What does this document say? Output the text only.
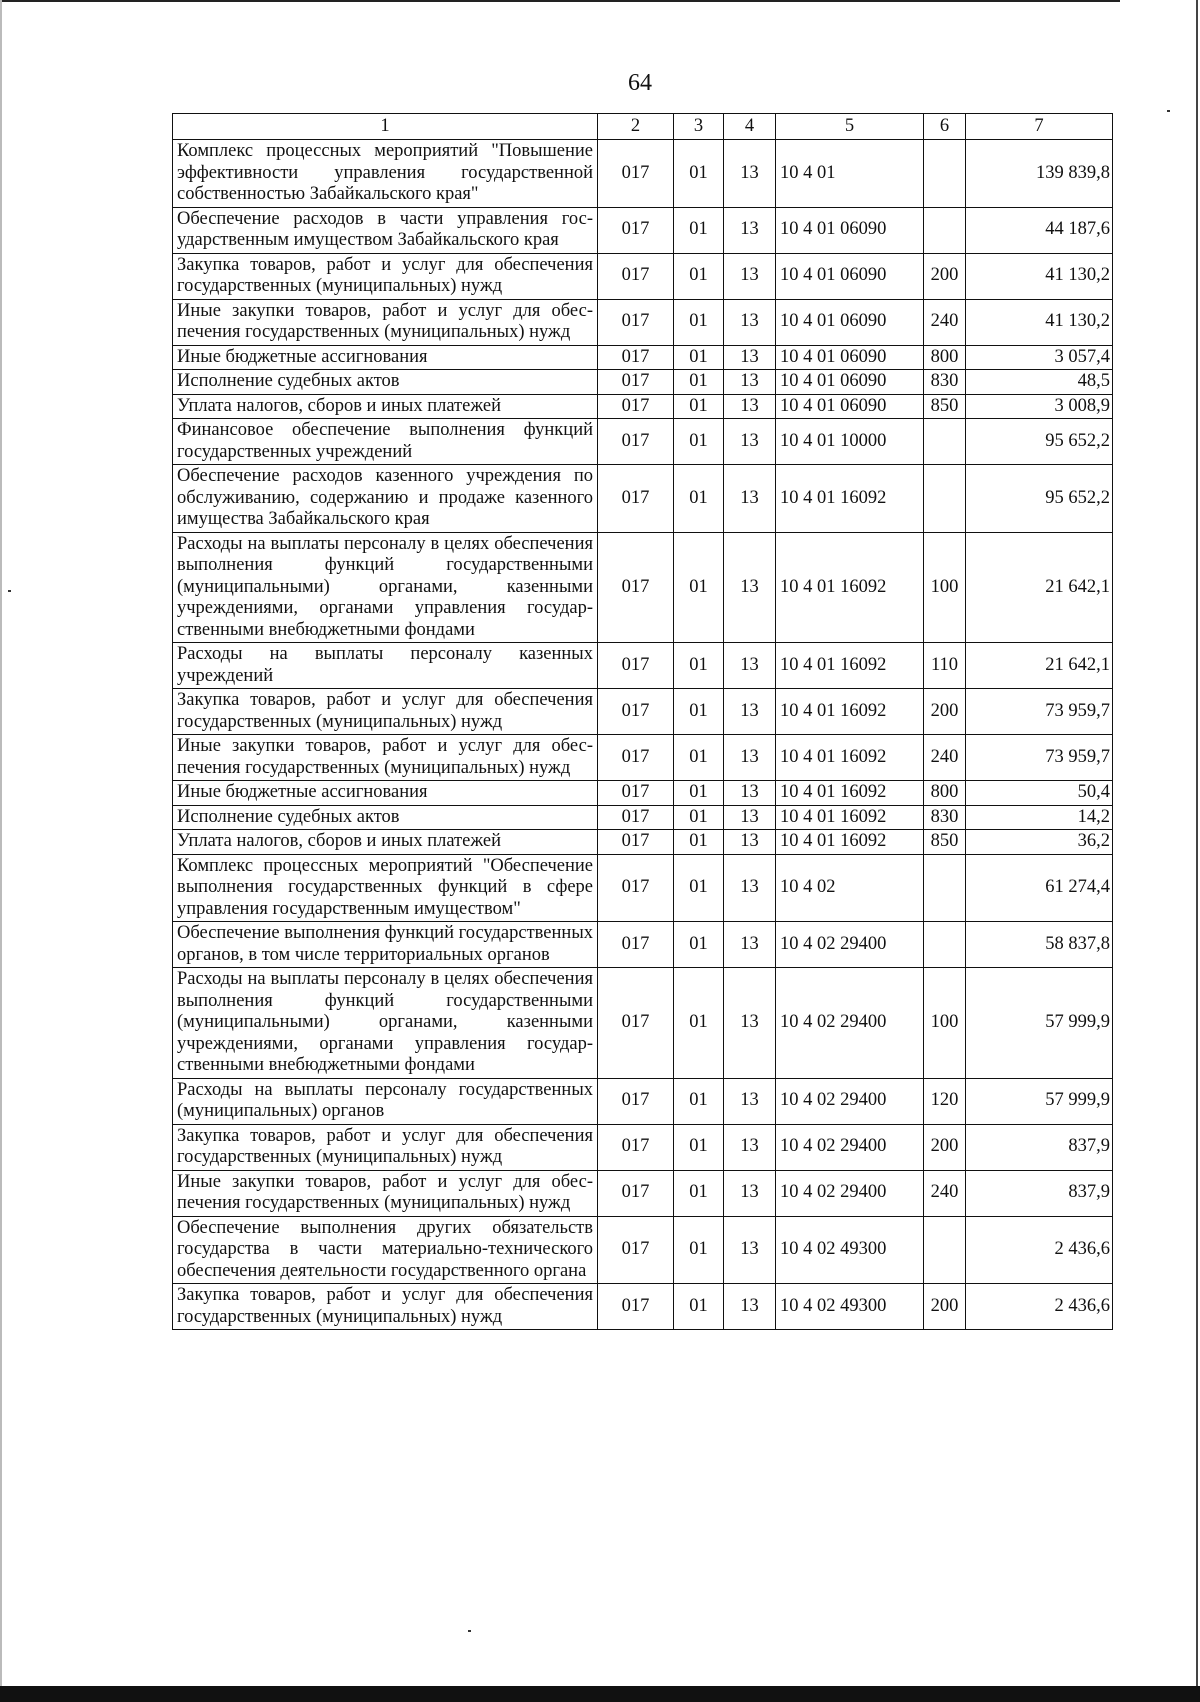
64
1	2	3	4	5	6	7
Комплекс процессных мероприятий "Повышение эффективности управления государственной собственностью Забайкальского края"	017	01	13	10 4 01		139 839,8
Обеспечение расходов в части управления государственным имуществом Забайкальского края	017	01	13	10 4 01 06090		44 187,6
Закупка товаров, работ и услуг для обеспечения государственных (муниципальных) нужд	017	01	13	10 4 01 06090	200	41 130,2
Иные закупки товаров, работ и услуг для обеспечения государственных (муниципальных) нужд	017	01	13	10 4 01 06090	240	41 130,2
Иные бюджетные ассигнования	017	01	13	10 4 01 06090	800	3 057,4
Исполнение судебных актов	017	01	13	10 4 01 06090	830	48,5
Уплата налогов, сборов и иных платежей	017	01	13	10 4 01 06090	850	3 008,9
Финансовое обеспечение выполнения функций государственных учреждений	017	01	13	10 4 01 10000		95 652,2
Обеспечение расходов казенного учреждения по обслуживанию, содержанию и продаже казенного имущества Забайкальского края	017	01	13	10 4 01 16092		95 652,2
Расходы на выплаты персоналу в целях обеспечения выполнения функций государственными (муниципальными) органами, казенными учреждениями, органами управления государственными внебюджетными фондами	017	01	13	10 4 01 16092	100	21 642,1
Расходы на выплаты персоналу казенных учреждений	017	01	13	10 4 01 16092	110	21 642,1
Закупка товаров, работ и услуг для обеспечения государственных (муниципальных) нужд	017	01	13	10 4 01 16092	200	73 959,7
Иные закупки товаров, работ и услуг для обеспечения государственных (муниципальных) нужд	017	01	13	10 4 01 16092	240	73 959,7
Иные бюджетные ассигнования	017	01	13	10 4 01 16092	800	50,4
Исполнение судебных актов	017	01	13	10 4 01 16092	830	14,2
Уплата налогов, сборов и иных платежей	017	01	13	10 4 01 16092	850	36,2
Комплекс процессных мероприятий "Обеспечение выполнения государственных функций в сфере управления государственным имуществом"	017	01	13	10 4 02		61 274,4
Обеспечение выполнения функций государственных органов, в том числе территориальных органов	017	01	13	10 4 02 29400		58 837,8
Расходы на выплаты персоналу в целях обеспечения выполнения функций государственными (муниципальными) органами, казенными учреждениями, органами управления государственными внебюджетными фондами	017	01	13	10 4 02 29400	100	57 999,9
Расходы на выплаты персоналу государственных (муниципальных) органов	017	01	13	10 4 02 29400	120	57 999,9
Закупка товаров, работ и услуг для обеспечения государственных (муниципальных) нужд	017	01	13	10 4 02 29400	200	837,9
Иные закупки товаров, работ и услуг для обеспечения государственных (муниципальных) нужд	017	01	13	10 4 02 29400	240	837,9
Обеспечение выполнения других обязательств государства в части материально-технического обеспечения деятельности государственного органа	017	01	13	10 4 02 49300		2 436,6
Закупка товаров, работ и услуг для обеспечения государственных (муниципальных) нужд	017	01	13	10 4 02 49300	200	2 436,6
